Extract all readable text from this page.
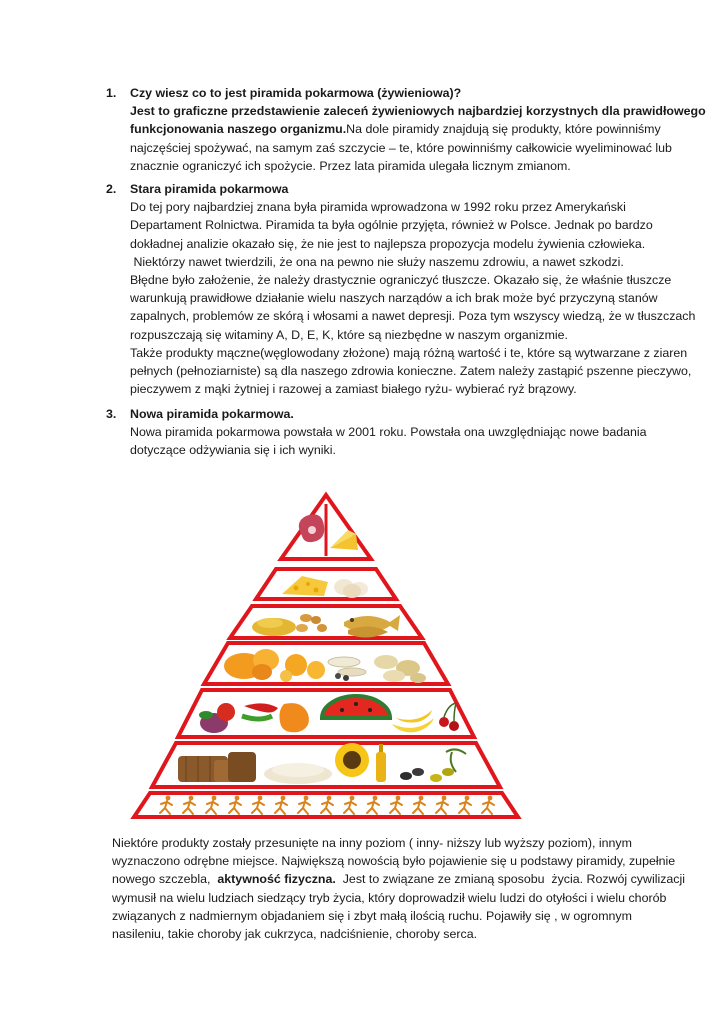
1.	Czy wiesz co to jest piramida pokarmowa (żywieniowa)?
Jest to graficzne przedstawienie zaleceń żywieniowych najbardziej korzystnych dla prawidłowego
funkcjonowania naszego organizmu.Na dole piramidy znajdują się produkty, które powinniśmy
najczęściej spożywać, na samym zaś szczycie – te, które powinniśmy całkowicie wyeliminować lub
znacznie ograniczyć ich spożycie. Przez lata piramida ulegała licznym zmianom.
2.	Stara piramida pokarmowa
Do tej pory najbardziej znana była piramida wprowadzona w 1992 roku przez Amerykański
Departament Rolnictwa. Piramida ta była ogólnie przyjęta, również w Polsce. Jednak po bardzo
dokładnej analizie okazało się, że nie jest to najlepsza propozycja modelu żywienia człowieka.
Niektórzy nawet twierdzili, że ona na pewno nie służy naszemu zdrowiu, a nawet szkodzi.
Błędne było założenie, że należy drastycznie ograniczyć tłuszcze. Okazało się, że właśnie tłuszcze
warunkują prawidłowe działanie wielu naszych narządów a ich brak może być przyczyną stanów
zapalnych, problemów ze skórą i włosami a nawet depresji. Poza tym wszyscy wiedzą, że w tłuszczach
rozpuszczają się witaminy A, D, E, K, które są niezbędne w naszym organizmie.
Także produkty mączne(węglowodany złożone) mają różną wartość i te, które są wytwarzane z ziaren
pełnych (pełnoziarniste) są dla naszego zdrowia konieczne. Zatem należy zastąpić pszenne pieczywo,
pieczywem z mąki żytniej i razowej a zamiast białego ryżu- wybierać ryż brązowy.
3.	Nowa piramida pokarmowa.
Nowa piramida pokarmowa powstała w 2001 roku. Powstała ona uwzględniając nowe badania
dotyczące odżywiania się i ich wyniki.
Niektóre produkty zostały przesunięte na inny poziom ( inny- niższy lub wyższy poziom), innym
wyznaczono odrębne miejsce. Największą nowością było pojawienie się u podstawy piramidy, zupełnie
nowego szczebla,  aktywność fizyczna.  Jest to związane ze zmianą sposobu  życia. Rozwój cywilizacji
wymusił na wielu ludziach siedzący tryb życia, który doprowadził wielu ludzi do otyłości i wielu chorób
związanych z nadmiernym objadaniem się i zbyt małą ilością ruchu. Pojawiły się , w ogromnym
nasileniu, takie choroby jak cukrzyca, nadciśnienie, choroby serca.
